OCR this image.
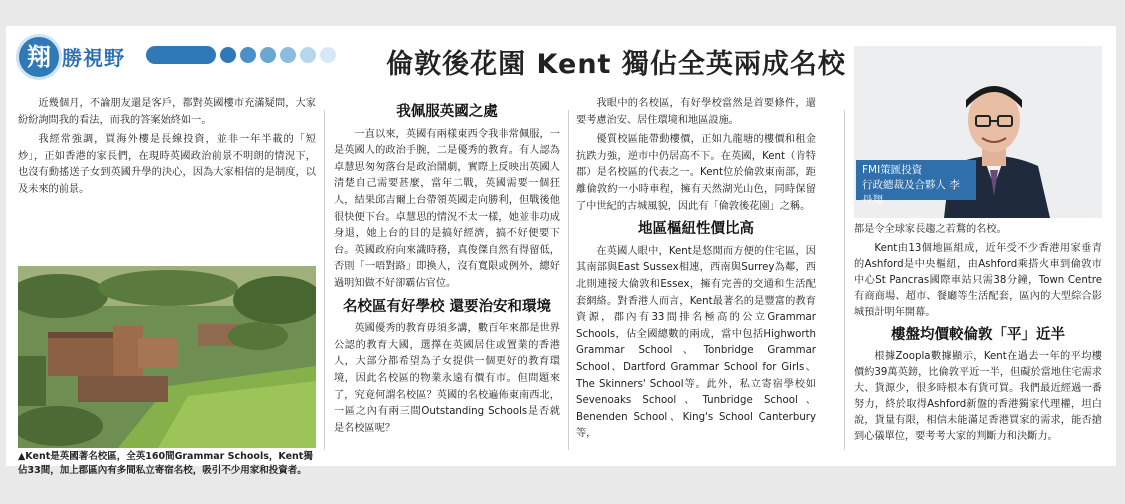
翔 勝視野	倫敦後花園 Kent 獨佔全英兩成名校

近幾個月，不論朋友還是客戶，都對英國樓市充滿疑問，大家紛紛詢問我的看法，而我的答案始終如一。

我經常強調，買海外樓是長線投資，並非一年半載的「短炒」，正如香港的家長們，在現時英國政治前景不明朗的情況下，也沒有動搖送子女到英國升學的決心，因為大家相信的是制度，以及未來的前景。

▲Kent是英國著名校區，全英160間Grammar Schools，Kent獨佔33間，加上郡區內有多間私立寄宿名校，吸引不少用家和投資者。
我佩服英國之處

一直以來，英國有兩樣東西令我非常佩服，一是英國人的政治手腕，二是優秀的教育。有人認為卓慧思匆匆落台是政治鬧劇，實際上反映出英國人清楚自己需要甚麼，當年二戰，英國需要一個狂人，結果邱吉爾上台帶領英國走向勝利，但戰後他很快便下台。卓慧思的情況不太一樣，她並非功成身退，她上台的目的是搞好經濟，搞不好便要下台。英國政府向來識時務，真俊傑自然有得留低，否則「一唔對路」即換人，沒有寬限或例外，總好過明知做不好卻霸佔官位。

名校區有好學校 還要治安和環境

英國優秀的教育毋須多講，數百年來都是世界公認的教育大國，選擇在英國居住或置業的香港人，大部分都希望為子女提供一個更好的教育環境，因此名校區的物業永遠有價有市。但問題來了，究竟何謂名校區？英國的名校遍佈東南西北，一區之內有兩三間Outstanding Schools是否就是名校區呢？

我眼中的名校區，有好學校當然是首要條件，還要考慮治安、居住環境和地區設施。

優質校區能帶動樓價，正如九龍塘的樓價和租金抗跌力強，逆市中仍居高不下。在英國，Kent（肯特郡）是名校區的代表之一。Kent位於倫敦東南部，距離倫敦約一小時車程，擁有天然湖光山色，同時保留了中世紀的古城風貌，因此有「倫敦後花園」之稱。

地區樞紐性價比高

在英國人眼中，Kent是悠閒而方便的住宅區，因其南部與East Sussex相連，西南與Surrey為鄰，西北則連接大倫敦和Essex，擁有完善的交通和生活配套網絡。對香港人而言，Kent最著名的是豐富的教育資源，郡內有33間排名極高的公立Grammar Schools，佔全國總數的兩成，當中包括Highworth Grammar School、Tonbridge Grammar School、Dartford Grammar School for Girls、The Skinners' School等。此外，私立寄宿學校如Sevenoaks School、Tunbridge School、Benenden School、King's School Canterbury等，

FMI策匯投資
行政總裁及合夥人 李丹翔

都是令全球家長趨之若鶩的名校。

Kent由13個地區組成，近年受不少香港用家垂青的Ashford是中央樞紐，由Ashford乘搭火車到倫敦市中心St Pancras國際車站只需38分鐘，Town Centre有商商場、超市、餐廳等生活配套，區內的大型綜合影城預計明年開幕。

樓盤均價較倫敦「平」近半

根據Zoopla數據顯示，Kent在過去一年的平均樓價約39萬英鎊，比倫敦平近一半，但礙於當地住宅需求大、貨源少，很多時根本有貨可買。我們最近經過一番努力，終於取得Ashford新盤的香港獨家代理權，坦白說，貨量有限，相信未能滿足香港買家的需求，能否搶到心儀單位，要考考大家的判斷力和決斷力。
